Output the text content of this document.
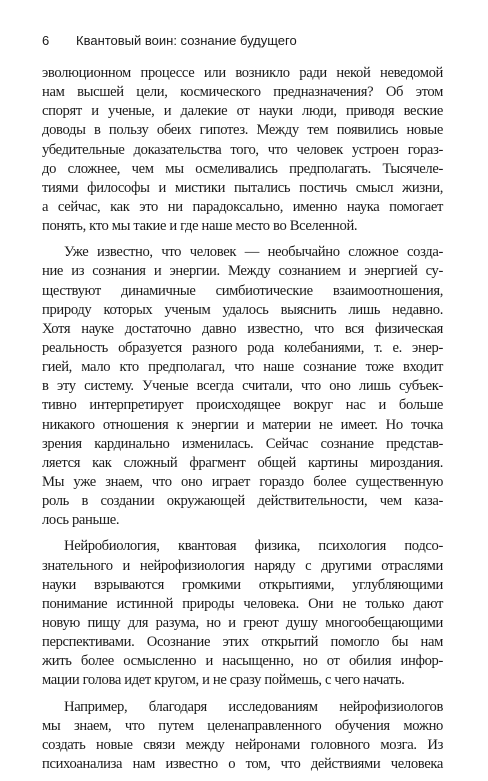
6 Квантовый воин: сознание будущего
эволюционном процессе или возникло ради некой неведомой
нам высшей цели, космического предназначения? Об этом
спорят и ученые, и далекие от науки люди, приводя веские
доводы в пользу обеих гипотез. Между тем появились новые
убедительные доказательства того, что человек устроен гораз-
до сложнее, чем мы осмеливались предполагать. Тысячеле-
тиями философы и мистики пытались постичь смысл жизни,
а сейчас, как это ни парадоксально, именно наука помогает
понять, кто мы такие и где наше место во Вселенной.
Уже известно, что человек — необычайно сложное созда-
ние из сознания и энергии. Между сознанием и энергией су-
ществуют динамичные симбиотические взаимоотношения,
природу которых ученым удалось выяснить лишь недавно.
Хотя науке достаточно давно известно, что вся физическая
реальность образуется разного рода колебаниями, т. е. энер-
гией, мало кто предполагал, что наше сознание тоже входит
в эту систему. Ученые всегда считали, что оно лишь субъек-
тивно интерпретирует происходящее вокруг нас и больше
никакого отношения к энергии и материи не имеет. Но точка
зрения кардинально изменилась. Сейчас сознание представ-
ляется как сложный фрагмент общей картины мироздания.
Мы уже знаем, что оно играет гораздо более существенную
роль в создании окружающей действительности, чем каза-
лось раньше.
Нейробиология, квантовая физика, психология подсо-
знательного и нейрофизиология наряду с другими отраслями
науки взрываются громкими открытиями, углубляющими
понимание истинной природы человека. Они не только дают
новую пищу для разума, но и греют душу многообещающими
перспективами. Осознание этих открытий помогло бы нам
жить более осмысленно и насыщенно, но от обилия инфор-
мации голова идет кругом, и не сразу поймешь, с чего начать.
Например, благодаря исследованиям нейрофизиологов
мы знаем, что путем целенаправленного обучения можно
создать новые связи между нейронами головного мозга. Из
психоанализа нам известно о том, что действиями человека
